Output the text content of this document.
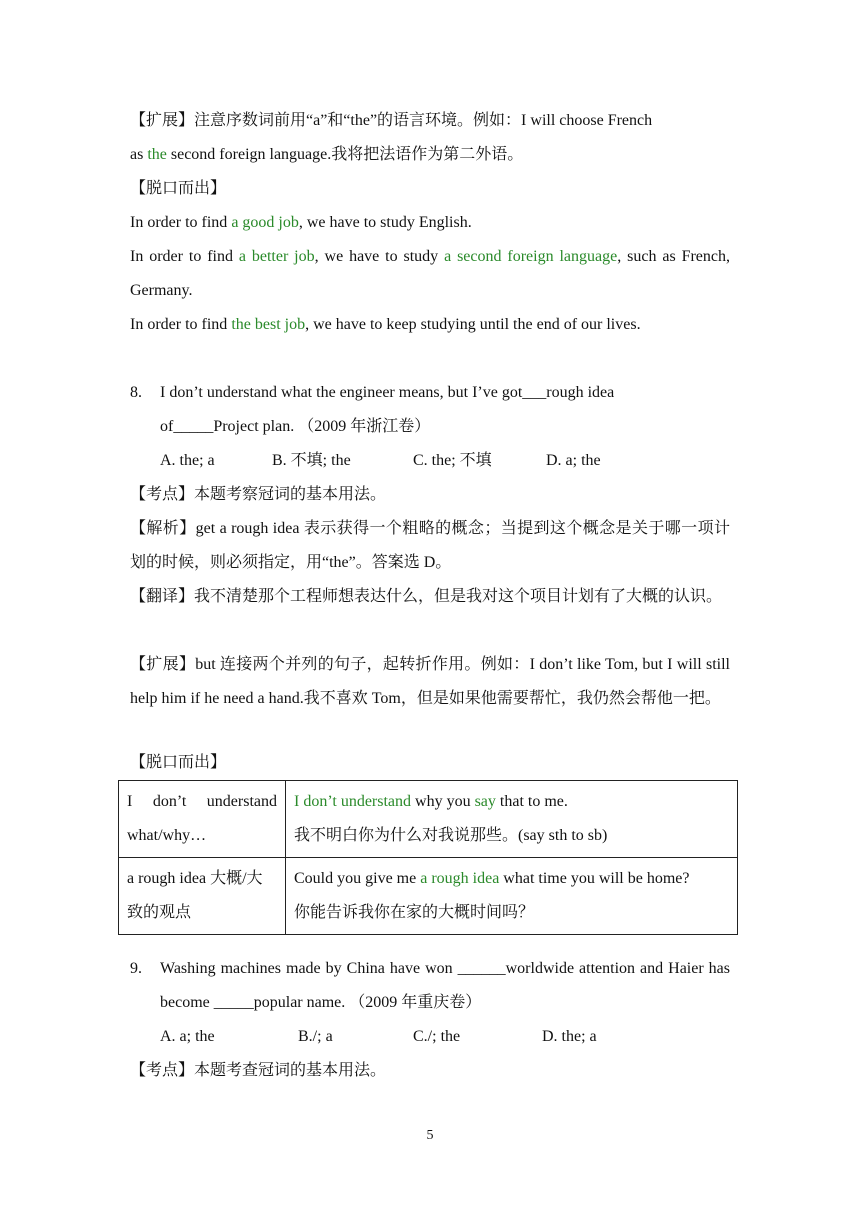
【扩展】注意序数词前用“a”和“the”的语言环境。例如：I will choose French
as the second foreign language.我将把法语作为第二外语。

【脱口而出】

In order to find a good job, we have to study English.

In order to find a better job, we have to study a second foreign language, such as French, Germany.

In order to find the best job, we have to keep studying until the end of our lives.

8. I don’t understand what the engineer means, but I’ve got___rough idea
of_____Project plan. （2009 年浙江卷）
A. the; a	B. 不填; the	C. the; 不填	D. a; the

【考点】本题考察冠词的基本用法。

【解析】get a rough idea 表示获得一个粗略的概念；当提到这个概念是关于哪一项计划的时候，则必须指定，用“the”。答案选 D。

【翻译】我不清楚那个工程师想表达什么，但是我对这个项目计划有了大概的认识。

【扩展】but 连接两个并列的句子，起转折作用。例如：I don’t like Tom, but I will still help him if he need a hand.我不喜欢 Tom，但是如果他需要帮忙，我仍然会帮他一把。

【脱口而出】

I don’t understand what/why…	I don’t understand why you say that to me.
我不明白你为什么对我说那些。(say sth to sb)
a rough idea 大概/大致的观点	Could you give me a rough idea what time you will be home?
你能告诉我你在家的大概时间吗？
9. Washing machines made by China have won ______worldwide attention and Haier has become _____popular name. （2009 年重庆卷）

A. a; the	B./; a	C./; the	D. the; a

【考点】本题考查冠词的基本用法。

5
